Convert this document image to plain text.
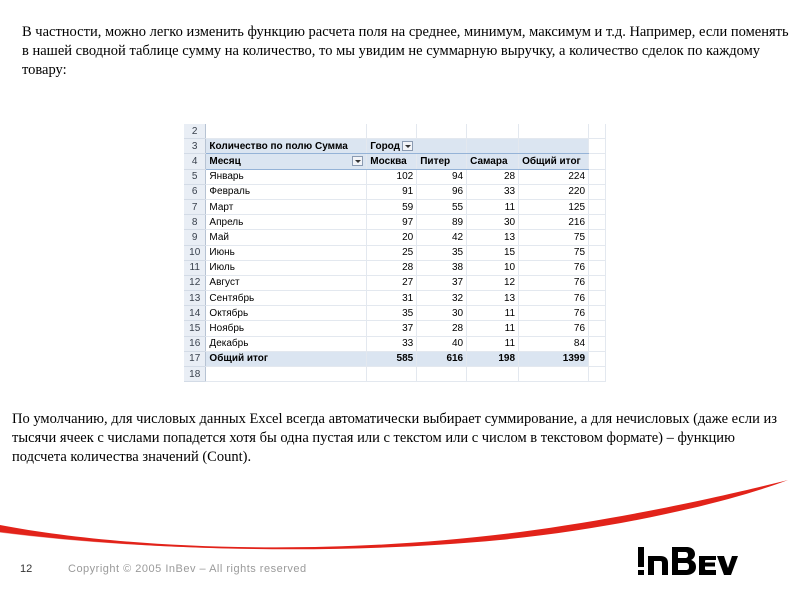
В частности, можно легко изменить функцию расчета поля на среднее, минимум, максимум и т.д. Например, если поменять в нашей сводной таблице сумму на количество, то мы увидим не суммарную выручку, а количество сделок по каждому товару:

2						
3	Количество по полю Сумма	Город				
4	Месяц	Москва	Питер	Самара	Общий итог	
5	Январь	102	94	28	224	
6	Февраль	91	96	33	220	
7	Март	59	55	11	125	
8	Апрель	97	89	30	216	
9	Май	20	42	13	75	
10	Июнь	25	35	15	75	
11	Июль	28	38	10	76	
12	Август	27	37	12	76	
13	Сентябрь	31	32	13	76	
14	Октябрь	35	30	11	76	
15	Ноябрь	37	28	11	76	
16	Декабрь	33	40	11	84	
17	Общий итог	585	616	198	1399	
18						

По умолчанию, для числовых данных Excel всегда автоматически выбирает суммирование, а для нечисловых (даже если из тысячи ячеек с числами попадется хотя бы одна пустая или с текстом или с числом в текстовом формате) – функцию подсчета количества значений (Count).

12	Copyright © 2005 InBev – All rights reserved
